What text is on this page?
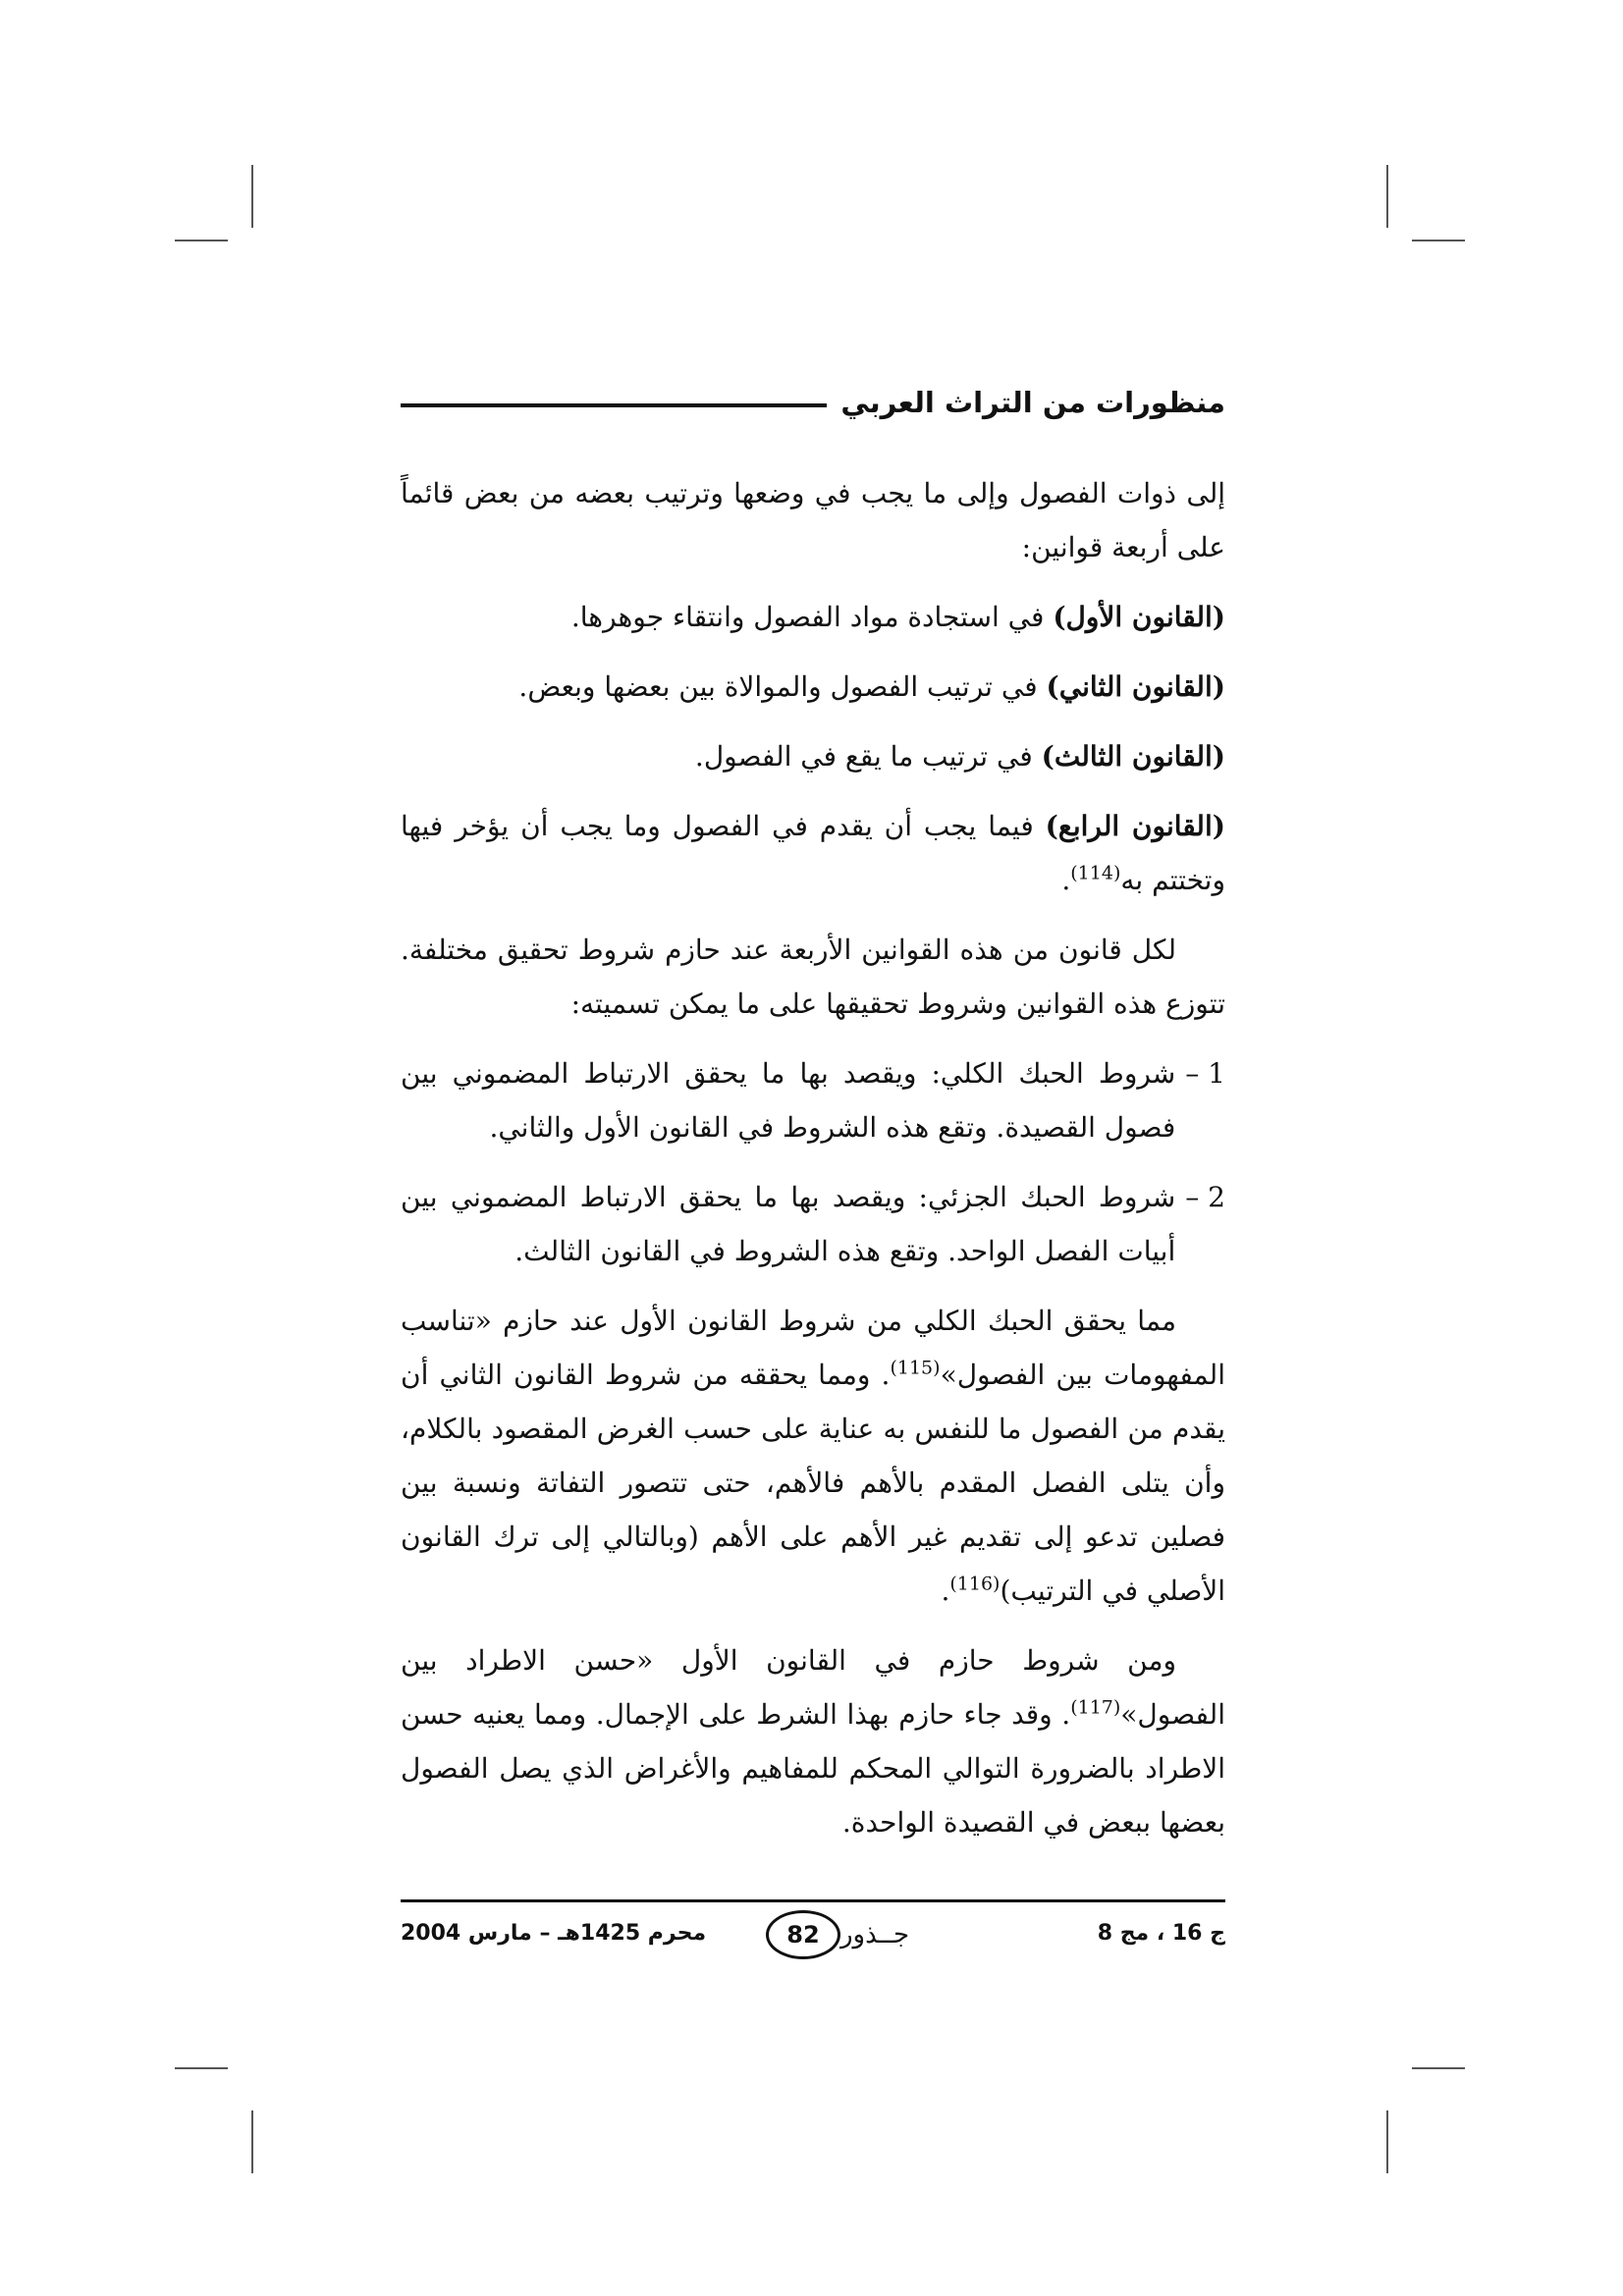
منظورات من التراث العربي

إلى ذوات الفصول وإلى ما يجب في وضعها وترتيب بعضه من بعض قائماً على أربعة قوانين:

(القانون الأول) في استجادة مواد الفصول وانتقاء جوهرها.

(القانون الثاني) في ترتيب الفصول والموالاة بين بعضها وبعض.

(القانون الثالث) في ترتيب ما يقع في الفصول.

(القانون الرابع) فيما يجب أن يقدم في الفصول وما يجب أن يؤخر فيها وتختتم به$^{(114)}$.

لكل قانون من هذه القوانين الأربعة عند حازم شروط تحقيق مختلفة. تتوزع هذه القوانين وشروط تحقيقها على ما يمكن تسميته:

1 –
شروط الحبك الكلي: ويقصد بها ما يحقق الارتباط المضموني بين فصول القصيدة. وتقع هذه الشروط في القانون الأول والثاني.
2 –
شروط الحبك الجزئي: ويقصد بها ما يحقق الارتباط المضموني بين أبيات الفصل الواحد. وتقع هذه الشروط في القانون الثالث.

مما يحقق الحبك الكلي من شروط القانون الأول عند حازم «تناسب المفهومات بين الفصول»$^{(115)}$. ومما يحققه من شروط القانون الثاني أن يقدم من الفصول ما للنفس به عناية على حسب الغرض المقصود بالكلام، وأن يتلى الفصل المقدم بالأهم فالأهم، حتى تتصور التفاتة ونسبة بين فصلين تدعو إلى تقديم غير الأهم على الأهم (وبالتالي إلى ترك القانون الأصلي في الترتيب)$^{(116)}$.

ومن شروط حازم في القانون الأول «حسن الاطراد بين الفصول»$^{(117)}$. وقد جاء حازم بهذا الشرط على الإجمال. ومما يعنيه حسن الاطراد بالضرورة التوالي المحكم للمفاهيم والأغراض الذي يصل الفصول بعضها ببعض في القصيدة الواحدة.

ج 16 ، مج 8
جــذور
82
محرم 1425هـ – مارس 2004
